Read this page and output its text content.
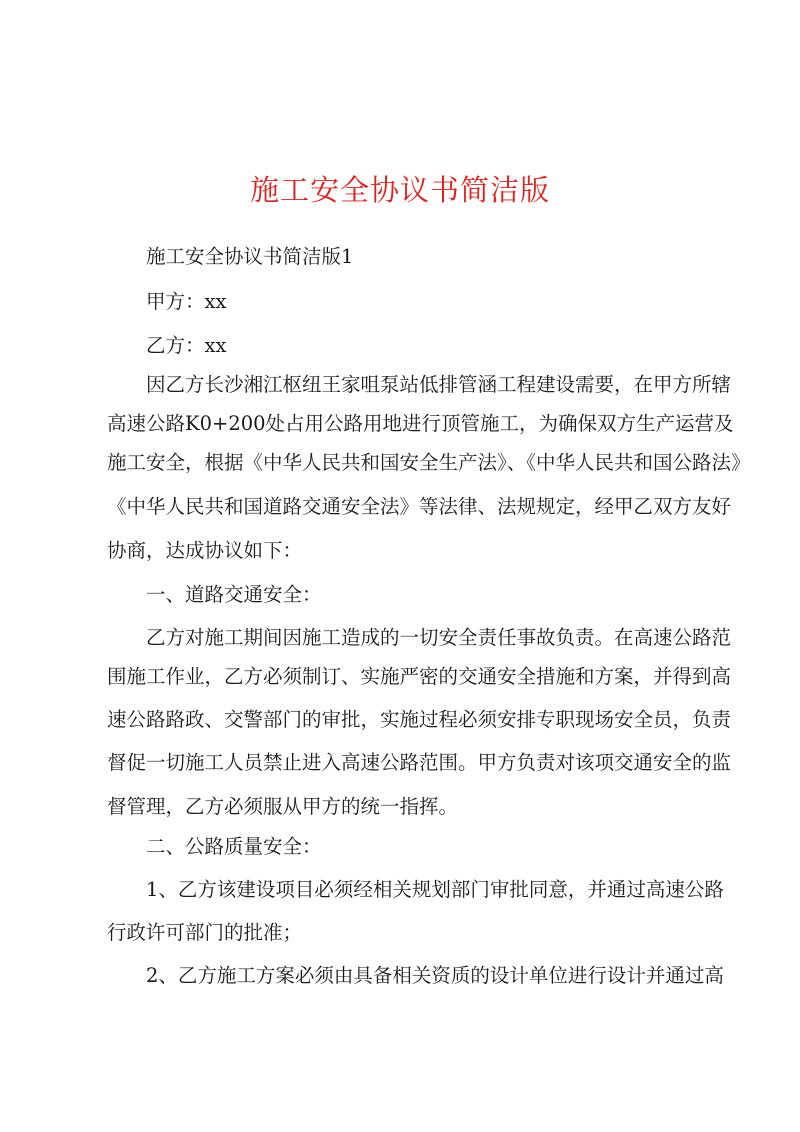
施工安全协议书简洁版
施工安全协议书简洁版1
甲方：xx
乙方：xx
因乙方长沙湘江枢纽王家咀泵站低排管涵工程建设需要，在甲方所辖
高速公路K0+200处占用公路用地进行顶管施工，为确保双方生产运营及
施工安全，根据《中华人民共和国安全生产法》、《中华人民共和国公路法》
《中华人民共和国道路交通安全法》等法律、法规规定，经甲乙双方友好
协商，达成协议如下：
一、道路交通安全：
乙方对施工期间因施工造成的一切安全责任事故负责。在高速公路范
围施工作业，乙方必须制订、实施严密的交通安全措施和方案，并得到高
速公路路政、交警部门的审批，实施过程必须安排专职现场安全员，负责
督促一切施工人员禁止进入高速公路范围。甲方负责对该项交通安全的监
督管理，乙方必须服从甲方的统一指挥。
二、公路质量安全：
1、乙方该建设项目必须经相关规划部门审批同意，并通过高速公路
行政许可部门的批准；
2、乙方施工方案必须由具备相关资质的设计单位进行设计并通过高
